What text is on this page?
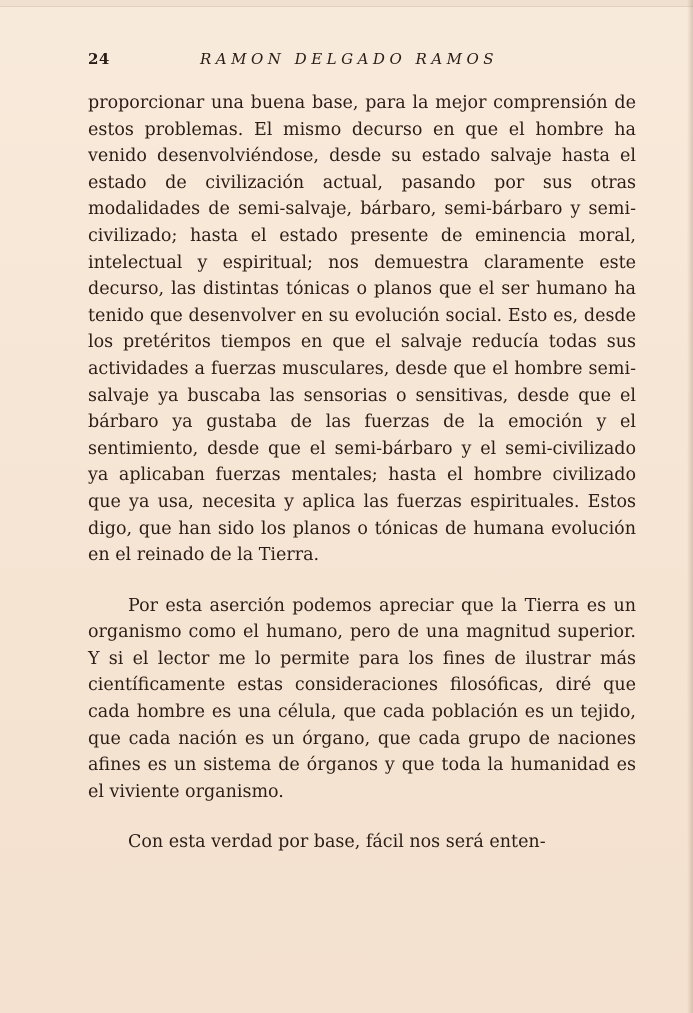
24	RAMON DELGADO RAMOS

proporcionar una buena base, para la mejor comprensión de estos problemas. El mismo decurso en que el hombre ha venido desenvolviéndose, desde su estado salvaje hasta el estado de civilización actual, pasando por sus otras modalidades de semi-salvaje, bárbaro, semi-bárbaro y semi-civilizado; hasta el estado presente de eminencia moral, intelectual y espiritual; nos demuestra claramente este decurso, las distintas tónicas o planos que el ser humano ha tenido que desenvolver en su evolución social. Esto es, desde los pretéritos tiempos en que el salvaje reducía todas sus actividades a fuerzas musculares, desde que el hombre semi-salvaje ya buscaba las sensorias o sensitivas, desde que el bárbaro ya gustaba de las fuerzas de la emoción y el sentimiento, desde que el semi-bárbaro y el semi-civilizado ya aplicaban fuerzas mentales; hasta el hombre civilizado que ya usa, necesita y aplica las fuerzas espirituales. Estos digo, que han sido los planos o tónicas de humana evolución en el reinado de la Tierra.

Por esta aserción podemos apreciar que la Tierra es un organismo como el humano, pero de una magnitud superior. Y si el lector me lo permite para los fines de ilustrar más científicamente estas consideraciones filosóficas, diré que cada hombre es una célula, que cada población es un tejido, que cada nación es un órgano, que cada grupo de naciones afines es un sistema de órganos y que toda la humanidad es el viviente organismo.

Con esta verdad por base, fácil nos será enten-
